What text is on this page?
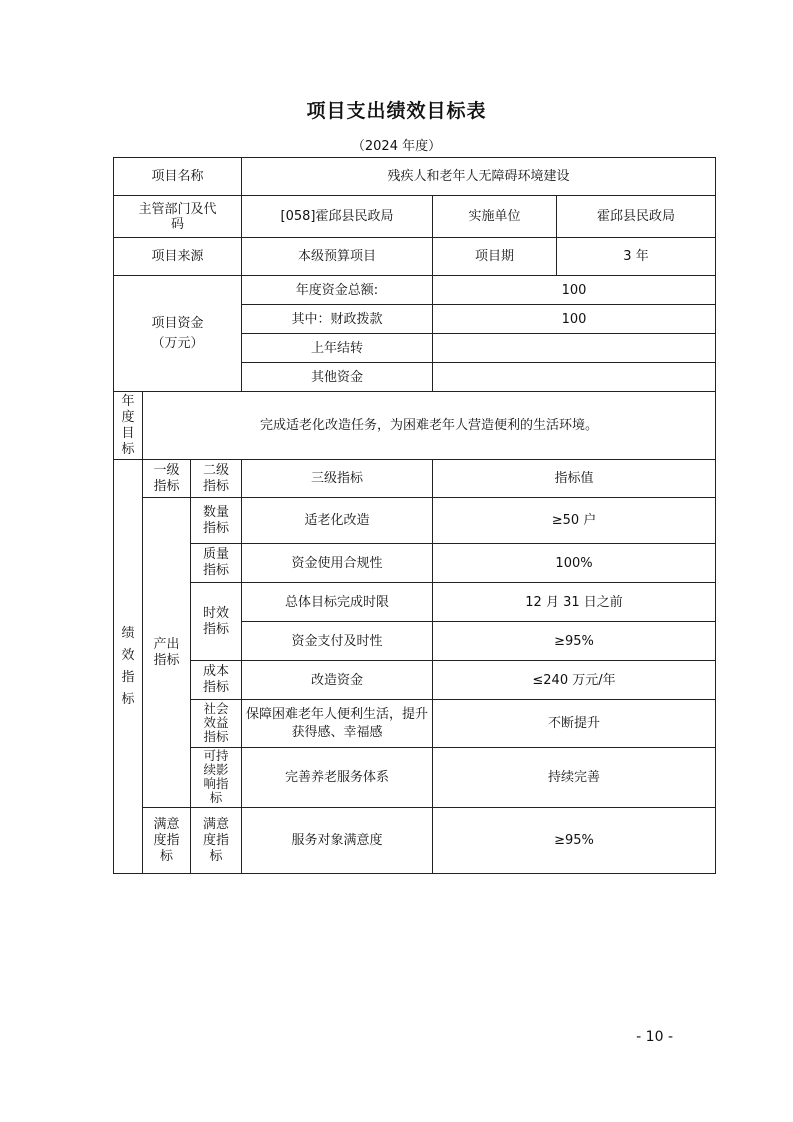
项目支出绩效目标表
（2024 年度）
项目名称			残疾人和老年人无障碍环境建设		
主管部门及代码			[058]霍邱县民政局	实施单位	霍邱县民政局
项目来源			本级预算项目	项目期	3 年
项目资金（万元）			年度资金总额:	100	
			其中：财政拨款	100	
			上年结转		
			其他资金		
年度目标	完成适老化改造任务，为困难老年人营造便利的生活环境。				
绩效指标	一级指标	二级指标	三级指标	指标值	
	产出指标	数量指标	适老化改造	≥50 户	
		质量指标	资金使用合规性	100%	
		时效指标	总体目标完成时限	12 月 31 日之前	
			资金支付及时性	≥95%	
		成本指标	改造资金	≤240 万元/年	
		社会效益指标	保障困难老年人便利生活，提升获得感、幸福感	不断提升	
		可持续影响指标	完善养老服务体系	持续完善	
	满意度指标	满意度指标	服务对象满意度	≥95%	
- 10 -
